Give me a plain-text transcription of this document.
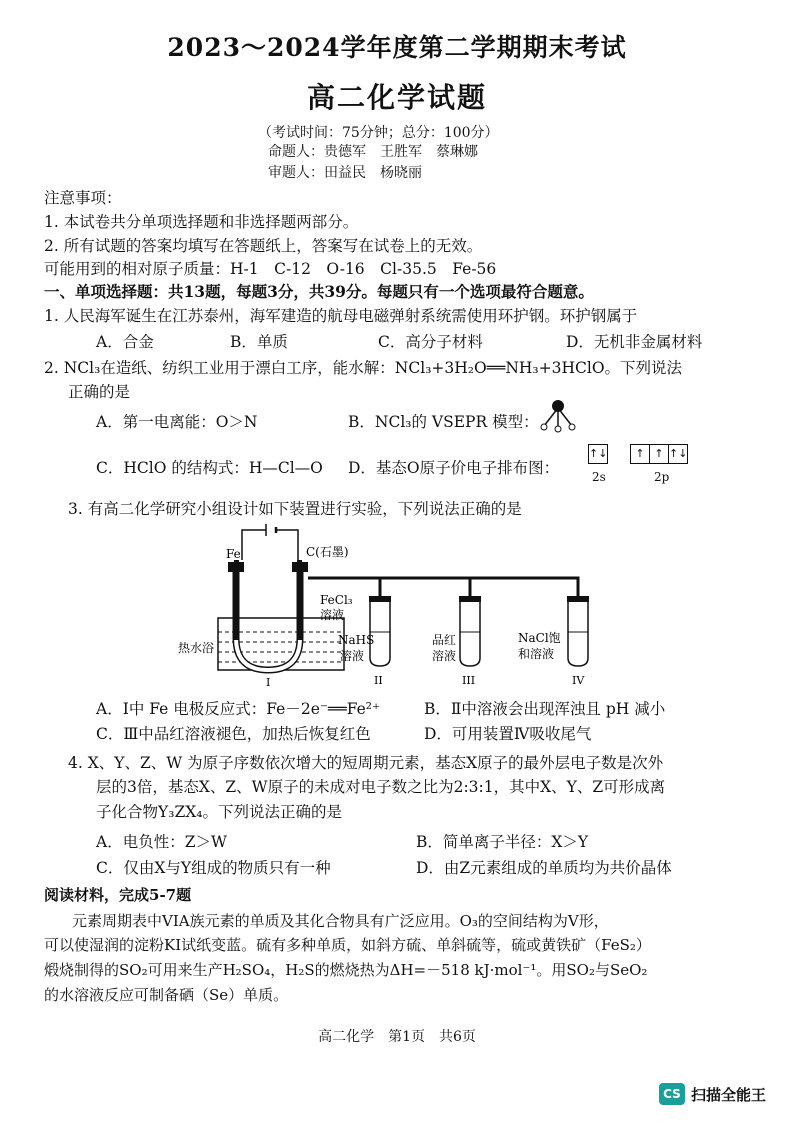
2023～2024学年度第二学期期末考试
高二化学试题
（考试时间：75分钟；总分：100分）
命题人：贵德军　王胜军　蔡琳娜
审题人：田益民　杨晓丽
注意事项：
1. 本试卷共分单项选择题和非选择题两部分。
2. 所有试题的答案均填写在答题纸上，答案写在试卷上的无效。
可能用到的相对原子质量：H-1　C-12　O-16　Cl-35.5　Fe-56
一、单项选择题：共13题，每题3分，共39分。每题只有一个选项最符合题意。
1. 人民海军诞生在江苏泰州，海军建造的航母电磁弹射系统需使用环护钢。环护钢属于
A．合金	B．单质	C．高分子材料	D．无机非金属材料
2. NCl₃在造纸、纺织工业用于漂白工序，能水解：NCl₃+3H₂O══NH₃+3HClO。下列说法
正确的是
A．第一电离能：O＞N	B．NCl₃的 VSEPR 模型：
C．HClO 的结构式：H—Cl—O D．基态O原子价电子排布图：
↑↓	↑ ↑ ↑↓
2s	2p
3. 有高二化学研究小组设计如下装置进行实验，下列说法正确的是
Fe	C(石墨)
FeCl₃
溶液
热水浴
NaHS
溶液
品红
溶液
NaCl饱
和溶液
I	II	III	IV
A．Ⅰ中 Fe 电极反应式：Fe－2e⁻══Fe²⁺	B．Ⅱ中溶液会出现浑浊且 pH 减小
C．Ⅲ中品红溶液褪色，加热后恢复红色	D．可用装置Ⅳ吸收尾气
4. X、Y、Z、W 为原子序数依次增大的短周期元素，基态X原子的最外层电子数是次外
层的3倍，基态X、Z、W原子的未成对电子数之比为2:3:1，其中X、Y、Z可形成离
子化合物Y₃ZX₄。下列说法正确的是
A．电负性：Z＞W	B．简单离子半径：X＞Y
C．仅由X与Y组成的物质只有一种	D．由Z元素组成的单质均为共价晶体
阅读材料，完成5-7题
元素周期表中VIA族元素的单质及其化合物具有广泛应用。O₃的空间结构为V形，
可以使湿润的淀粉KI试纸变蓝。硫有多种单质，如斜方硫、单斜硫等，硫或黄铁矿（FeS₂）
煅烧制得的SO₂可用来生产H₂SO₄，H₂S的燃烧热为ΔH=－518 kJ·mol⁻¹。用SO₂与SeO₂
的水溶液反应可制备硒（Se）单质。
高二化学　第1页　共6页
CS 扫描全能王
